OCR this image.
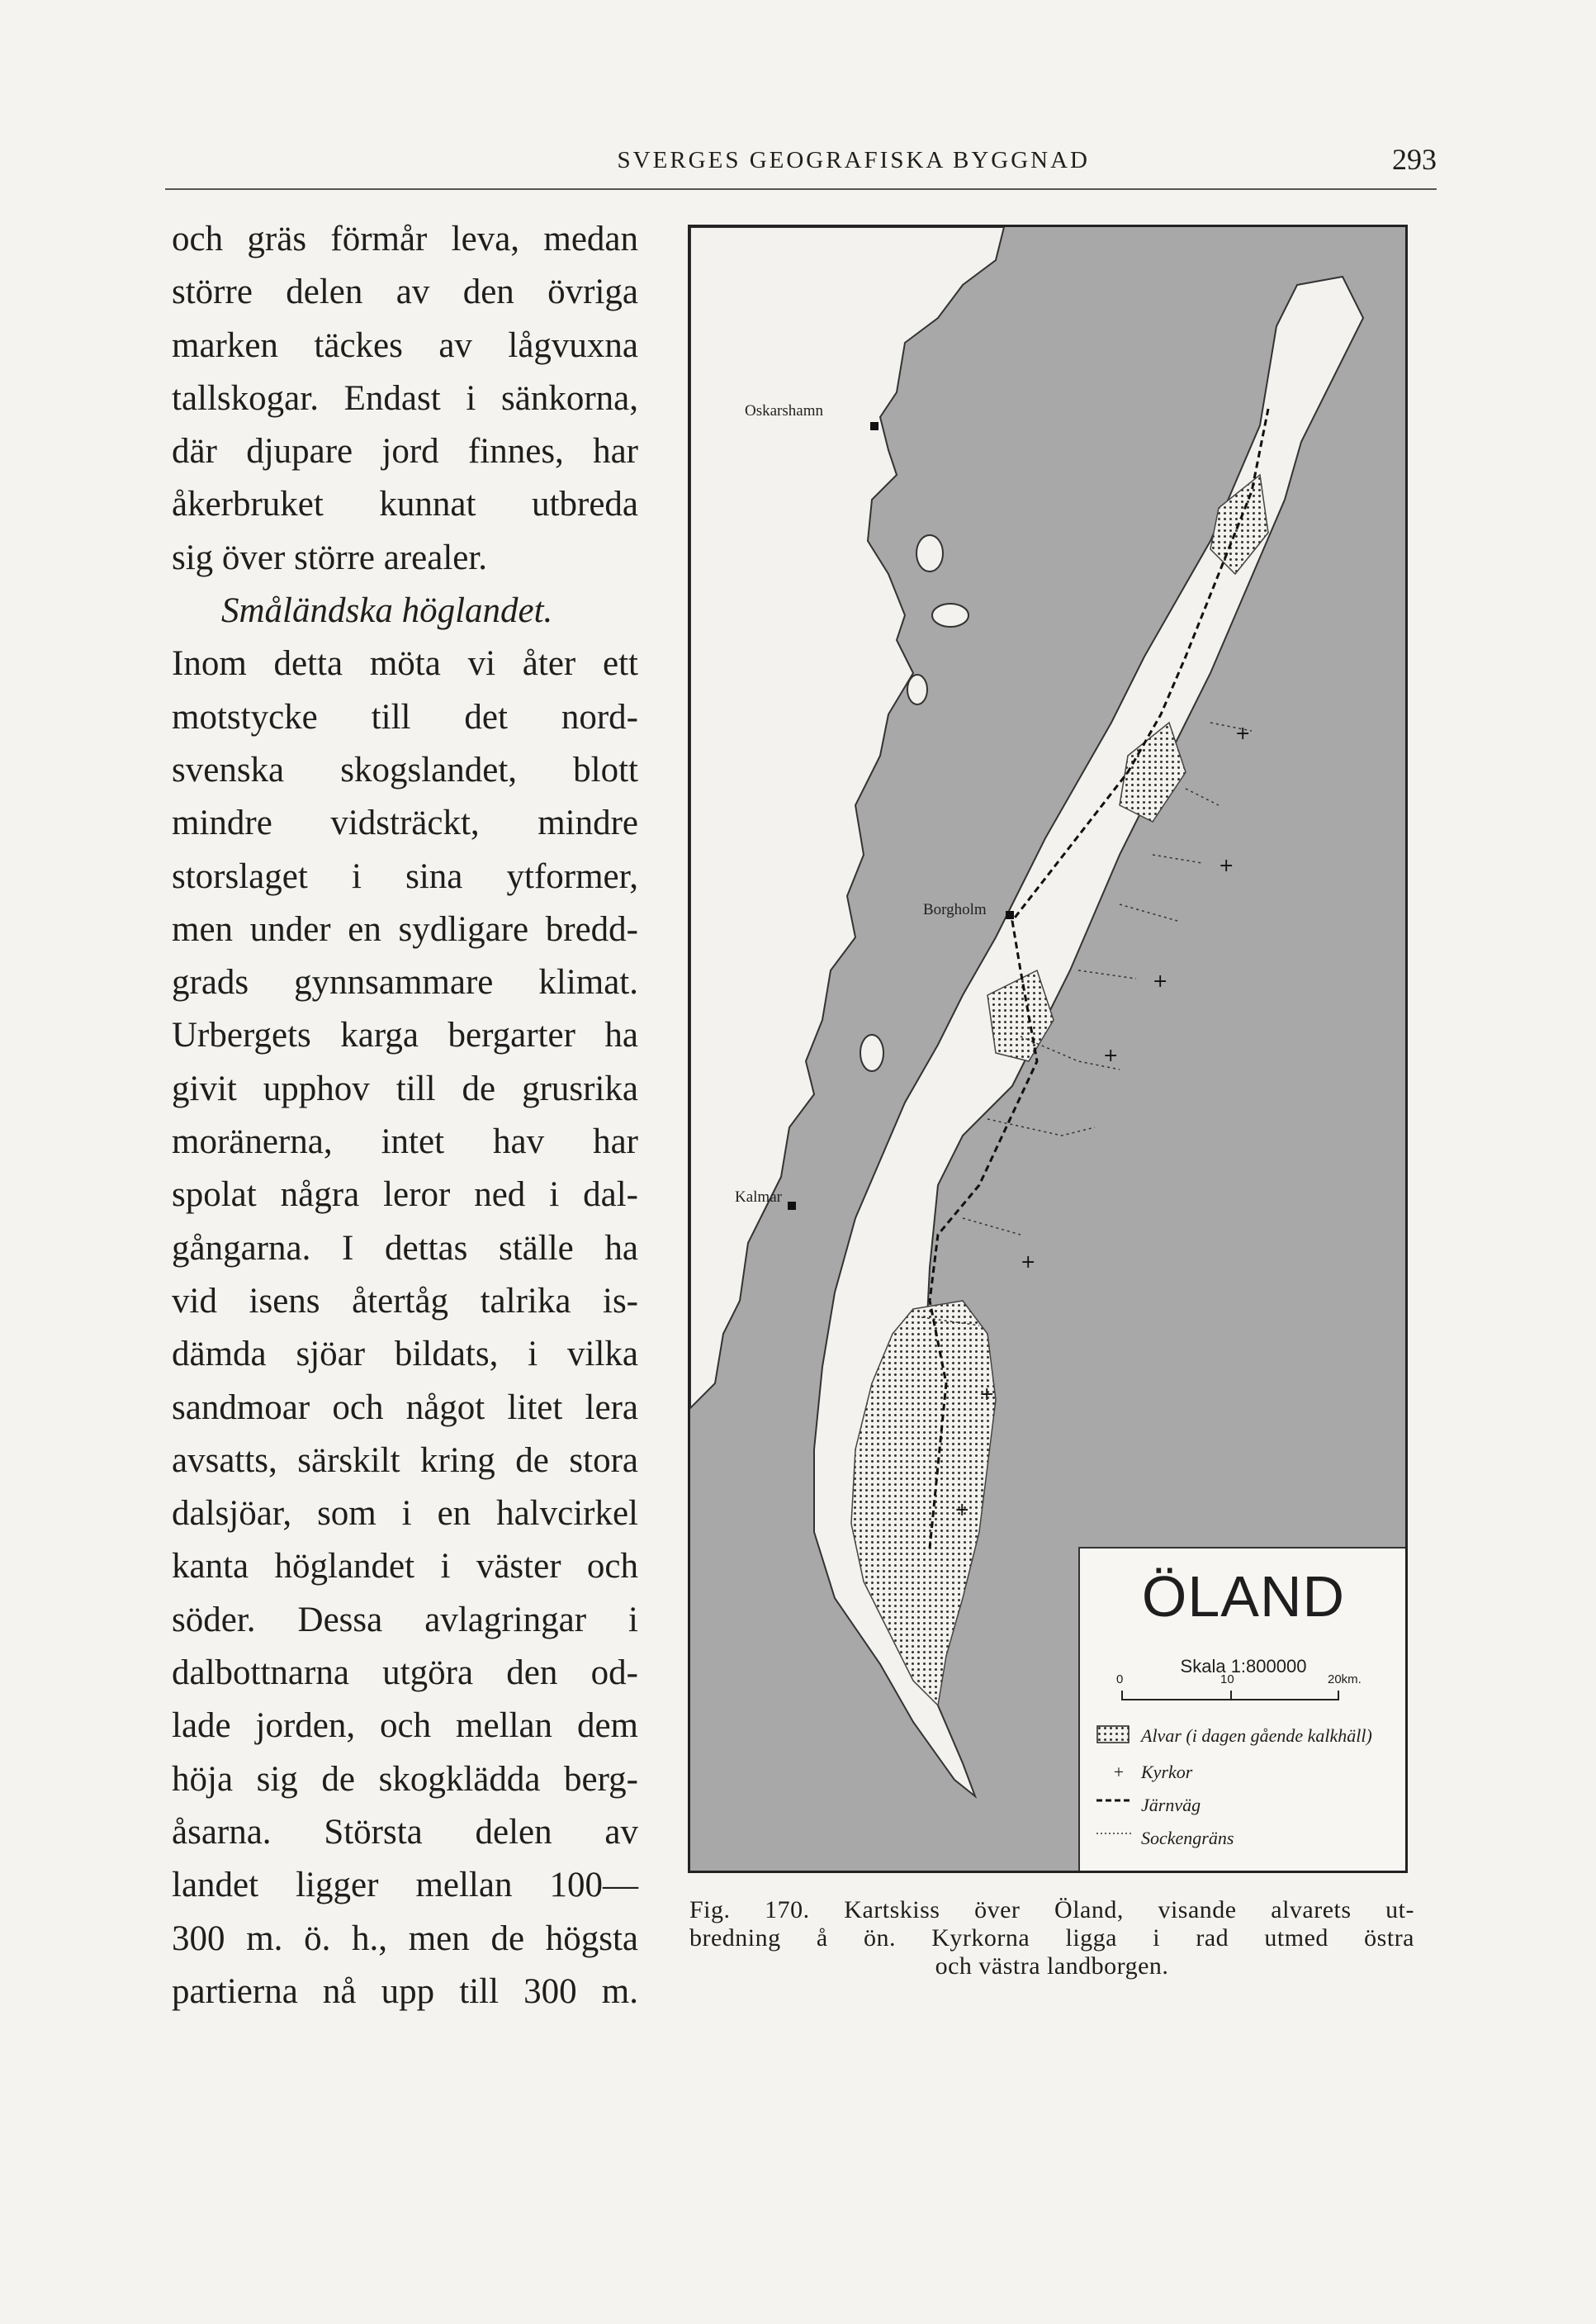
SVERGES GEOGRAFISKA BYGGNAD	293
och gräs förmår leva, medan
större delen av den övriga
marken täckes av lågvuxna
tallskogar. Endast i sänkorna,
där djupare jord finnes, har
åkerbruket kunnat utbreda
sig över större arealer.
Småländska höglandet.
Inom detta möta vi åter ett
motstycke till det nord-
svenska skogslandet, blott
mindre vidsträckt, mindre
storslaget i sina ytformer,
men under en sydligare bredd-
grads gynnsammare klimat.
Urbergets karga bergarter ha
givit upphov till de grusrika
moränerna, intet hav har
spolat några leror ned i dal-
gångarna. I dettas ställe ha
vid isens återtåg talrika is-
dämda sjöar bildats, i vilka
sandmoar och något litet lera
avsatts, särskilt kring de stora
dalsjöar, som i en halvcirkel
kanta höglandet i väster och
söder. Dessa avlagringar i
dalbottnarna utgöra den od-
lade jorden, och mellan dem
höja sig de skogklädda berg-
åsarna. Största delen av
landet ligger mellan 100—
300 m. ö. h., men de högsta
partierna nå upp till 300 m.
+
+
+
+
+
+
+
Oskarshamn
Borgholm
Kalmar
ÖLAND
Skala 1:800000
0	10	20km.
Alvar (i dagen gående kalkhäll)
+ Kyrkor
Järnväg
Sockengräns
Fig. 170. Kartskiss över Öland, visande alvarets ut-
bredning å ön. Kyrkorna ligga i rad utmed östra
och västra landborgen.
